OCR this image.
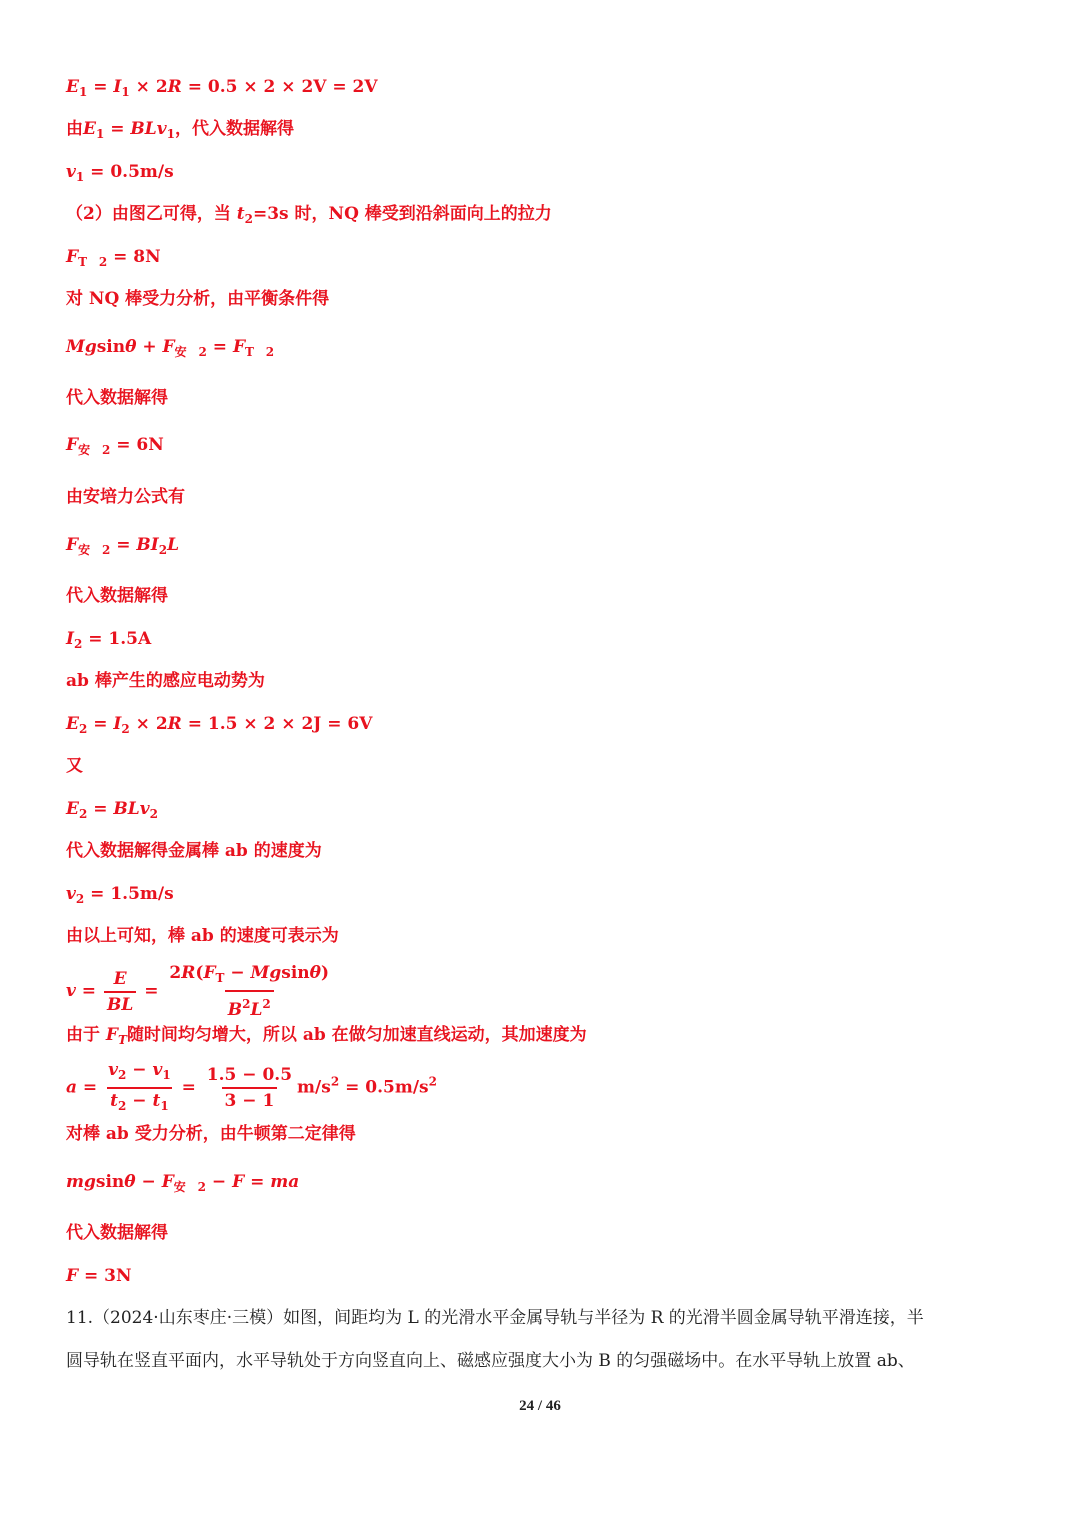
$E_1 = I_1 \times 2R = 0.5 \times 2 \times 2V = 2V$
由$E_1 = BLv_1$，代入数据解得
$v_1 = 0.5m/s$
（2）由图乙可得，当 $t_2=3s$ 时，NQ 棒受到沿斜面向上的拉力
$F_T$ $_2$ = 8N
对 NQ 棒受力分析，由平衡条件得
$Mgsin\theta + F_安$ $_2 = F_T$ $_2$
代入数据解得
$F_安$ $_2$ = 6N
由安培力公式有
$F_安$ $_2 = BI_2L$
代入数据解得
$I_2 = 1.5A$
ab 棒产生的感应电动势为
$E_2 = I_2 \times 2R = 1.5 \times 2 \times 2J = 6V$
又
$E_2 = BLv_2$
代入数据解得金属棒 ab 的速度为
$v_2 = 1.5m/s$
由以上可知，棒 ab 的速度可表示为
$v = \frac{E}{BL} = \frac{2R(F_T - Mgsin\theta)}{B^2L^2}$
由于 $F_T$随时间均匀增大，所以 ab 在做匀加速直线运动，其加速度为
$a = \frac{v_2 - v_1}{t_2 - t_1} = \frac{1.5 - 0.5}{3 - 1} m/s^2 = 0.5m/s^2$
对棒 ab 受力分析，由牛顿第二定律得
$mgsin\theta - F_安$ $_2$ − F = ma
代入数据解得
F = 3N
11.（2024·山东枣庄·三模）如图，间距均为 L 的光滑水平金属导轨与半径为 R 的光滑半圆金属导轨平滑连接，半
圆导轨在竖直平面内，水平导轨处于方向竖直向上、磁感应强度大小为 B 的匀强磁场中。在水平导轨上放置 ab、
24 / 46
